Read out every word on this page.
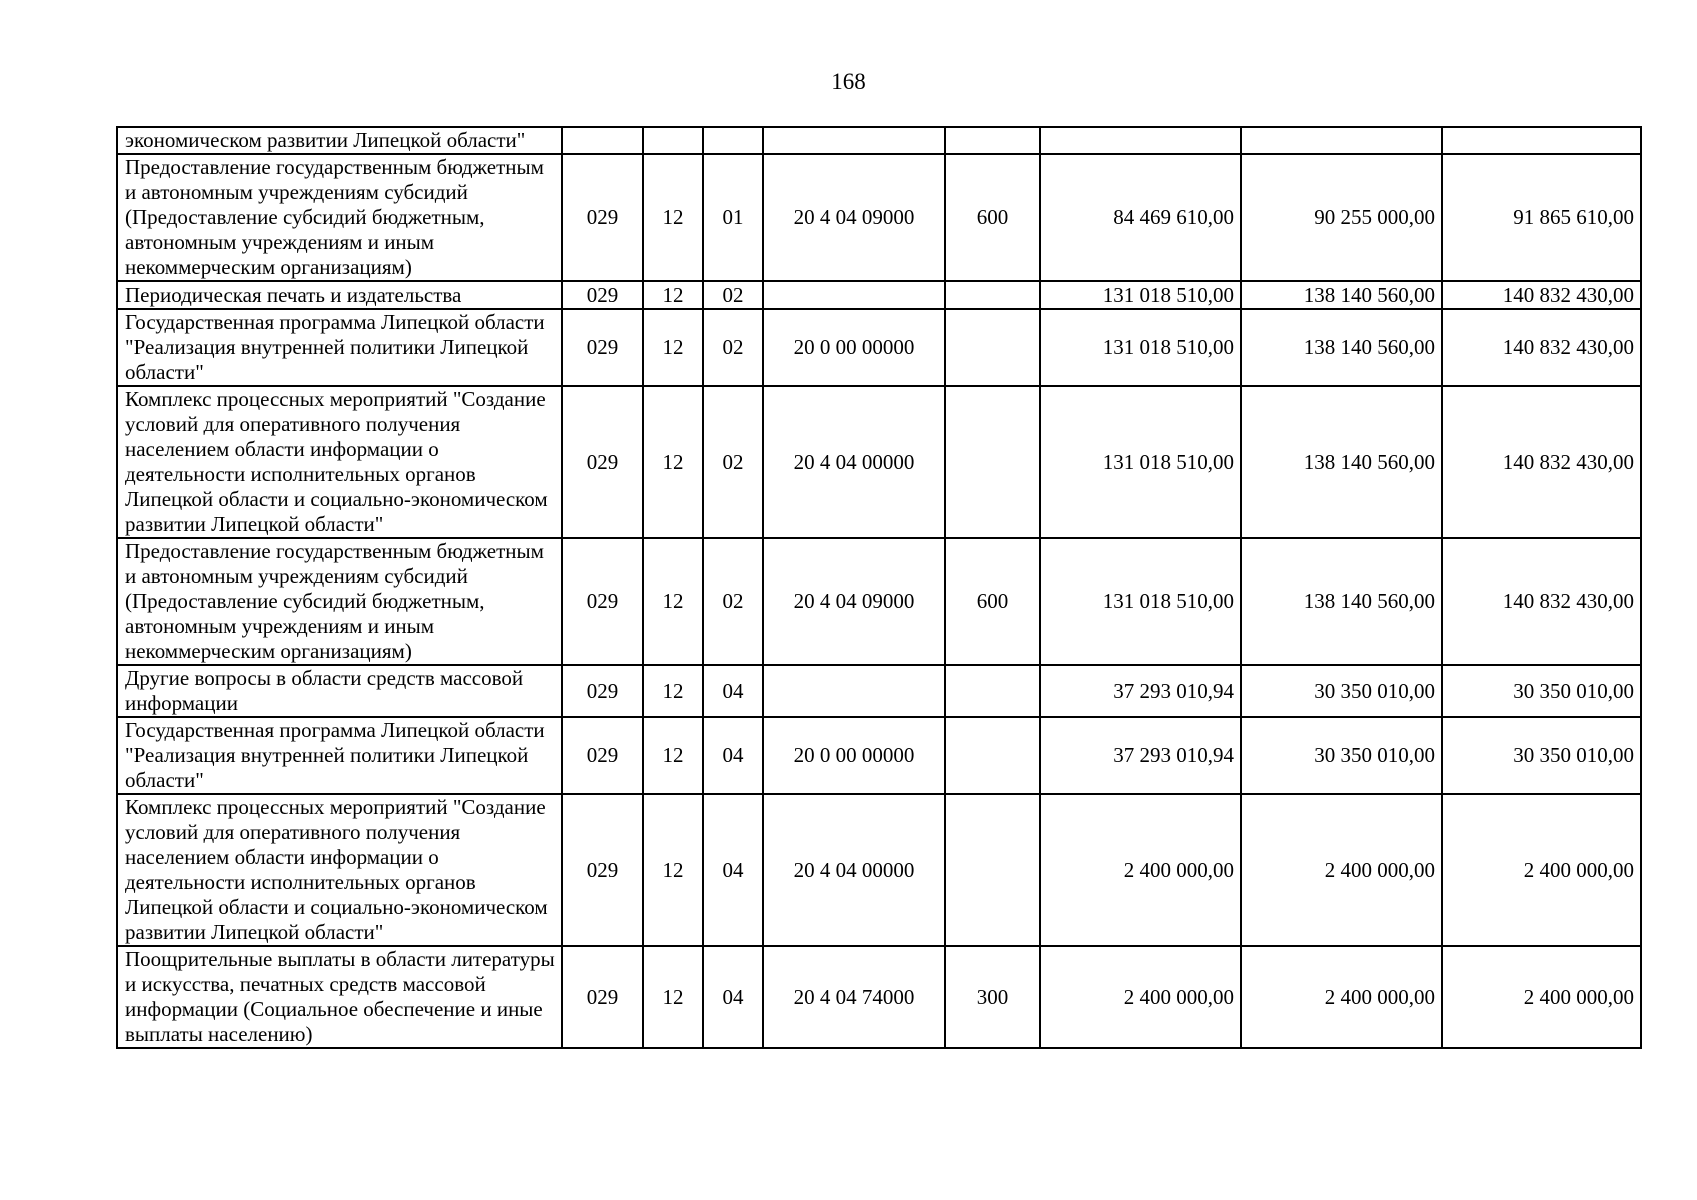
168
экономическом развитии Липецкой области"								
Предоставление государственным бюджетным и автономным учреждениям субсидий (Предоставление субсидий бюджетным, автономным учреждениям и иным некоммерческим организациям)	029	12	01	20 4 04 09000	600	84 469 610,00	90 255 000,00	91 865 610,00
Периодическая печать и издательства	029	12	02			131 018 510,00	138 140 560,00	140 832 430,00
Государственная программа Липецкой области "Реализация внутренней политики Липецкой области"	029	12	02	20 0 00 00000		131 018 510,00	138 140 560,00	140 832 430,00
Комплекс процессных мероприятий "Создание условий для оперативного получения населением области информации о деятельности исполнительных органов Липецкой области и социально-экономическом развитии Липецкой области"	029	12	02	20 4 04 00000		131 018 510,00	138 140 560,00	140 832 430,00
Предоставление государственным бюджетным и автономным учреждениям субсидий (Предоставление субсидий бюджетным, автономным учреждениям и иным некоммерческим организациям)	029	12	02	20 4 04 09000	600	131 018 510,00	138 140 560,00	140 832 430,00
Другие вопросы в области средств массовой информации	029	12	04			37 293 010,94	30 350 010,00	30 350 010,00
Государственная программа Липецкой области "Реализация внутренней политики Липецкой области"	029	12	04	20 0 00 00000		37 293 010,94	30 350 010,00	30 350 010,00
Комплекс процессных мероприятий "Создание условий для оперативного получения населением области информации о деятельности исполнительных органов Липецкой области и социально-экономическом развитии Липецкой области"	029	12	04	20 4 04 00000		2 400 000,00	2 400 000,00	2 400 000,00
Поощрительные выплаты в области литературы и искусства, печатных средств массовой информации (Социальное обеспечение и иные выплаты населению)	029	12	04	20 4 04 74000	300	2 400 000,00	2 400 000,00	2 400 000,00
